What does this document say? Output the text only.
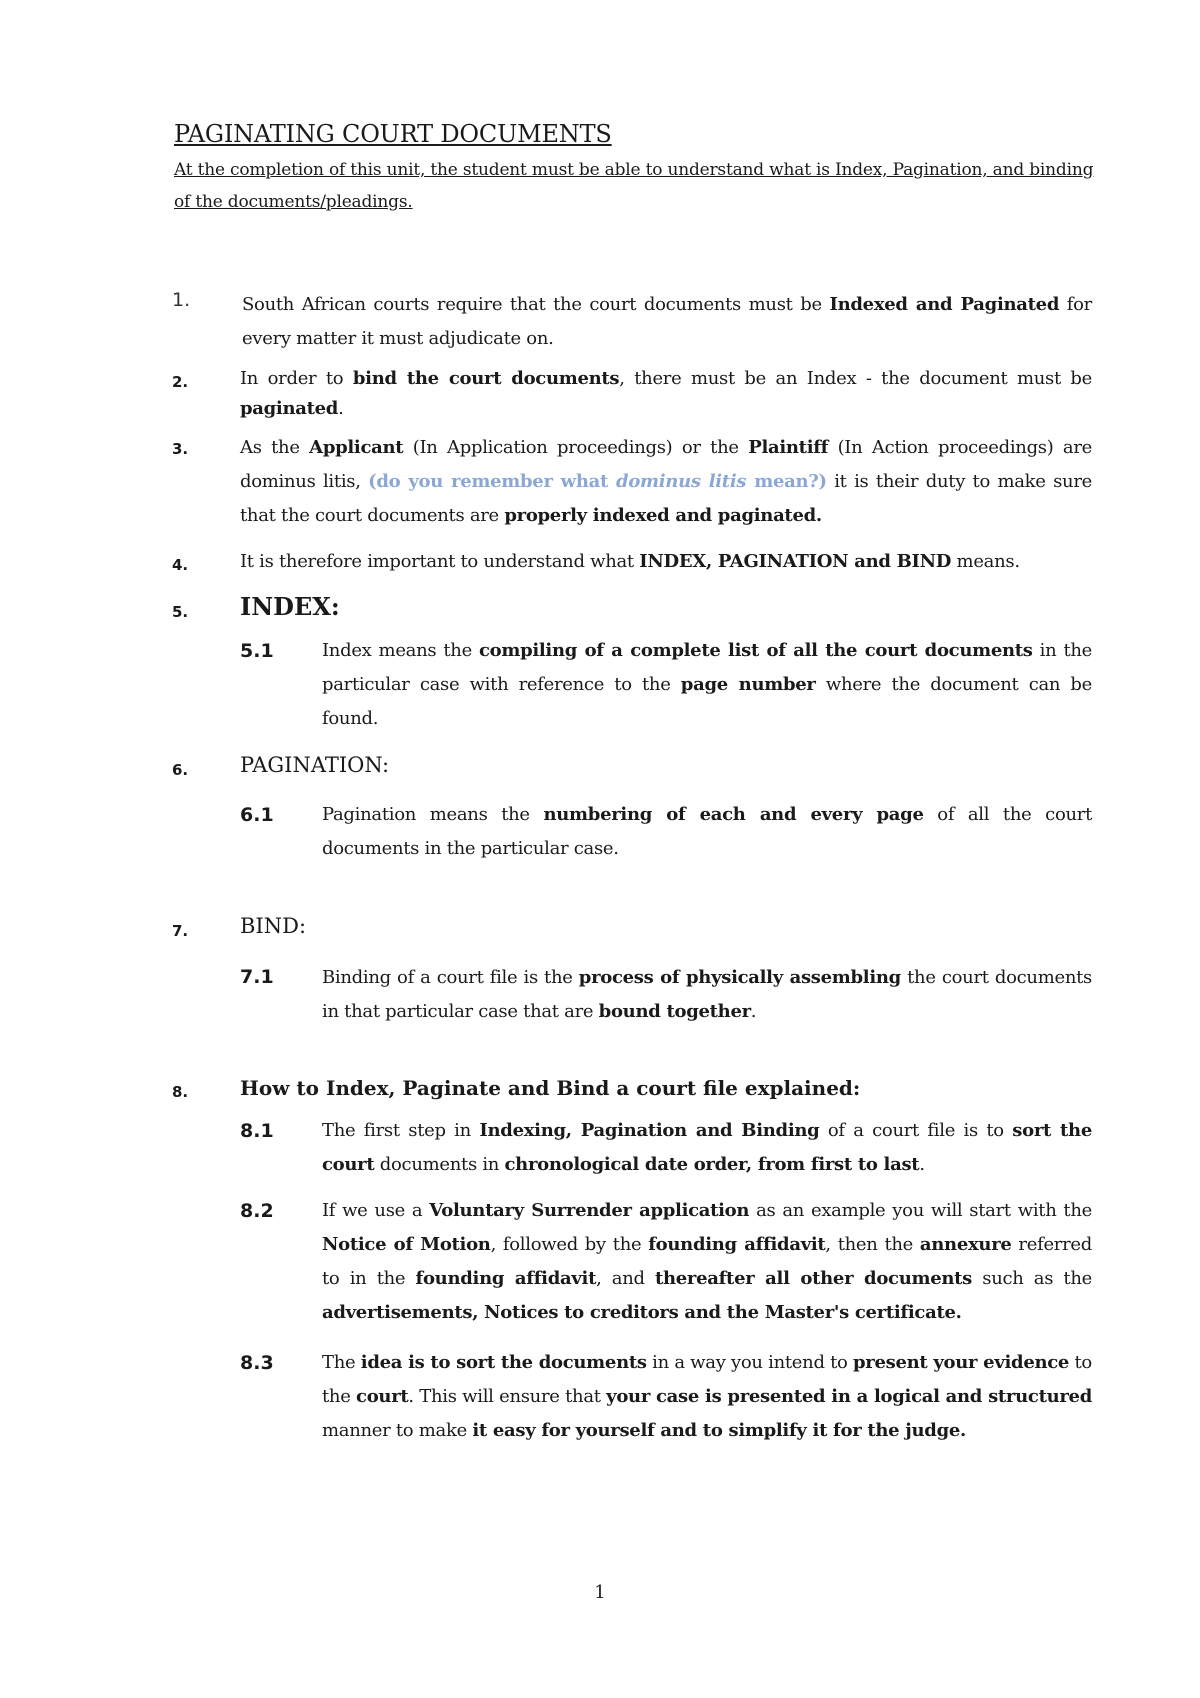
PAGINATING COURT DOCUMENTS
At the completion of this unit, the student must be able to understand what is Index, Pagination, and binding of the documents/pleadings.
1.	South African courts require that the court documents must be Indexed and Paginated for every matter it must adjudicate on.
2.	In order to bind the court documents, there must be an Index - the document must be paginated.
3.	As the Applicant (In Application proceedings) or the Plaintiff (In Action proceedings) are dominus litis, (do you remember what dominus litis mean?) it is their duty to make sure that the court documents are properly indexed and paginated.
4.	It is therefore important to understand what INDEX, PAGINATION and BIND means.
5. INDEX:
5.1	Index means the compiling of a complete list of all the court documents in the particular case with reference to the page number where the document can be found.
6. PAGINATION:
6.1	Pagination means the numbering of each and every page of all the court documents in the particular case.
7. BIND:
7.1	Binding of a court file is the process of physically assembling the court documents in that particular case that are bound together.
8.	How to Index, Paginate and Bind a court file explained:
8.1	The first step in Indexing, Pagination and Binding of a court file is to sort the court documents in chronological date order, from first to last.
8.2	If we use a Voluntary Surrender application as an example you will start with the Notice of Motion, followed by the founding affidavit, then the annexure referred to in the founding affidavit, and thereafter all other documents such as the advertisements, Notices to creditors and the Master's certificate.
8.3	The idea is to sort the documents in a way you intend to present your evidence to the court. This will ensure that your case is presented in a logical and structured manner to make it easy for yourself and to simplify it for the judge.
1
